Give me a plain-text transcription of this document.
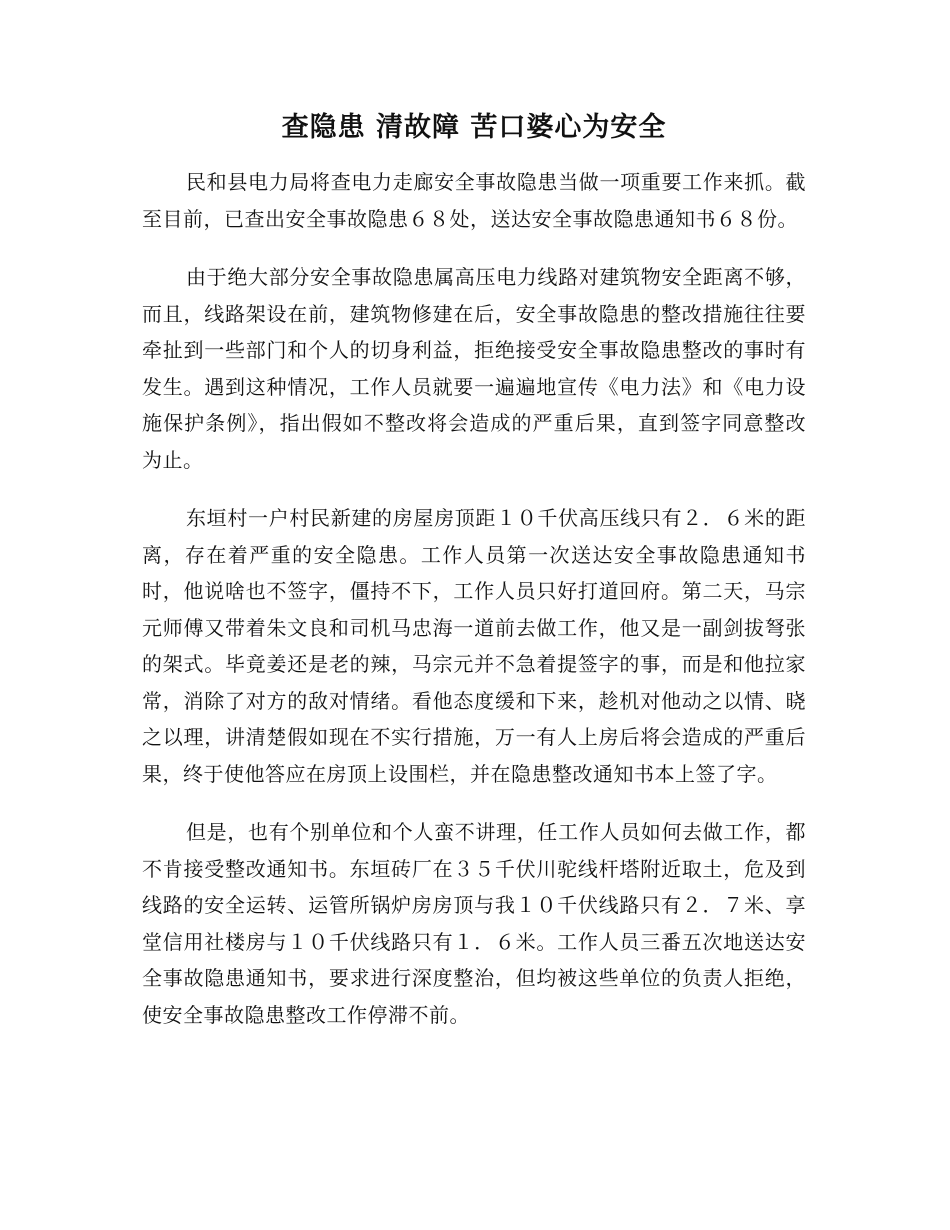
查隐患 清故障 苦口婆心为安全

民和县电力局将查电力走廊安全事故隐患当做一项重要工作来抓。截至目前，已查出安全事故隐患６８处，送达安全事故隐患通知书６８份。

由于绝大部分安全事故隐患属高压电力线路对建筑物安全距离不够，而且，线路架设在前，建筑物修建在后，安全事故隐患的整改措施往往要牵扯到一些部门和个人的切身利益，拒绝接受安全事故隐患整改的事时有发生。遇到这种情况，工作人员就要一遍遍地宣传《电力法》和《电力设施保护条例》，指出假如不整改将会造成的严重后果，直到签字同意整改为止。

东垣村一户村民新建的房屋房顶距１０千伏高压线只有２．６米的距离，存在着严重的安全隐患。工作人员第一次送达安全事故隐患通知书时，他说啥也不签字，僵持不下，工作人员只好打道回府。第二天，马宗元师傅又带着朱文良和司机马忠海一道前去做工作，他又是一副剑拔弩张的架式。毕竟姜还是老的辣，马宗元并不急着提签字的事，而是和他拉家常，消除了对方的敌对情绪。看他态度缓和下来，趁机对他动之以情、晓之以理，讲清楚假如现在不实行措施，万一有人上房后将会造成的严重后果，终于使他答应在房顶上设围栏，并在隐患整改通知书本上签了字。

但是，也有个别单位和个人蛮不讲理，任工作人员如何去做工作，都不肯接受整改通知书。东垣砖厂在３５千伏川驼线杆塔附近取土，危及到线路的安全运转、运管所锅炉房房顶与我１０千伏线路只有２．７米、享堂信用社楼房与１０千伏线路只有１．６米。工作人员三番五次地送达安全事故隐患通知书，要求进行深度整治，但均被这些单位的负责人拒绝，使安全事故隐患整改工作停滞不前。
